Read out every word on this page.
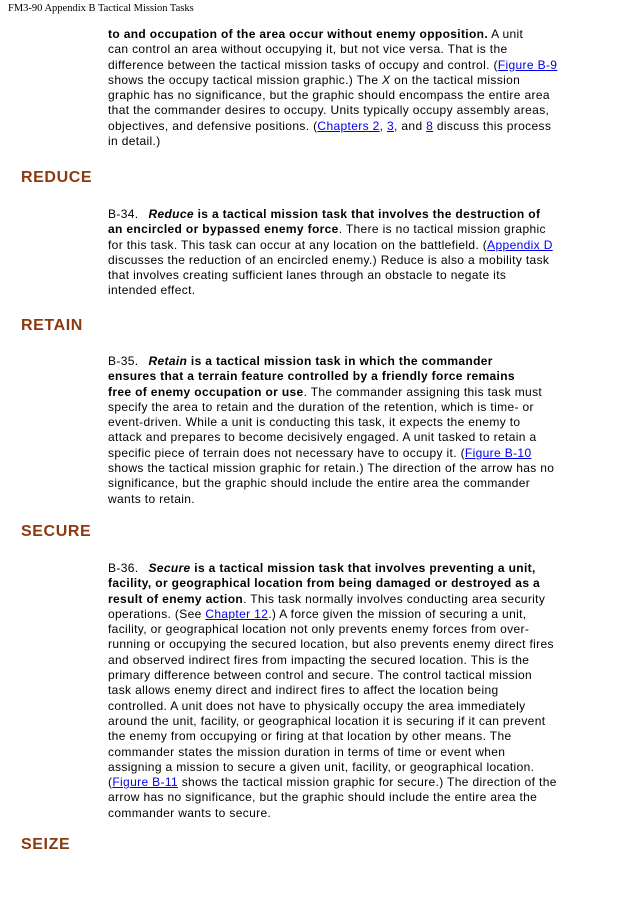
FM3-90 Appendix B Tactical Mission Tasks
to and occupation of the area occur without enemy opposition. A unit
can control an area without occupying it, but not vice versa. That is the
difference between the tactical mission tasks of occupy and control. (Figure B-9
shows the occupy tactical mission graphic.) The X on the tactical mission
graphic has no significance, but the graphic should encompass the entire area
that the commander desires to occupy. Units typically occupy assembly areas,
objectives, and defensive positions. (Chapters 2, 3, and 8 discuss this process
in detail.)
REDUCE
B-34. Reduce is a tactical mission task that involves the destruction of
an encircled or bypassed enemy force. There is no tactical mission graphic
for this task. This task can occur at any location on the battlefield. (Appendix D
discusses the reduction of an encircled enemy.) Reduce is also a mobility task
that involves creating sufficient lanes through an obstacle to negate its
intended effect.
RETAIN
B-35. Retain is a tactical mission task in which the commander
ensures that a terrain feature controlled by a friendly force remains
free of enemy occupation or use. The commander assigning this task must
specify the area to retain and the duration of the retention, which is time- or
event-driven. While a unit is conducting this task, it expects the enemy to
attack and prepares to become decisively engaged. A unit tasked to retain a
specific piece of terrain does not necessary have to occupy it. (Figure B-10
shows the tactical mission graphic for retain.) The direction of the arrow has no
significance, but the graphic should include the entire area the commander
wants to retain.
SECURE
B-36. Secure is a tactical mission task that involves preventing a unit,
facility, or geographical location from being damaged or destroyed as a
result of enemy action. This task normally involves conducting area security
operations. (See Chapter 12.) A force given the mission of securing a unit,
facility, or geographical location not only prevents enemy forces from over-
running or occupying the secured location, but also prevents enemy direct fires
and observed indirect fires from impacting the secured location. This is the
primary difference between control and secure. The control tactical mission
task allows enemy direct and indirect fires to affect the location being
controlled. A unit does not have to physically occupy the area immediately
around the unit, facility, or geographical location it is securing if it can prevent
the enemy from occupying or firing at that location by other means. The
commander states the mission duration in terms of time or event when
assigning a mission to secure a given unit, facility, or geographical location.
(Figure B-11 shows the tactical mission graphic for secure.) The direction of the
arrow has no significance, but the graphic should include the entire area the
commander wants to secure.
SEIZE
